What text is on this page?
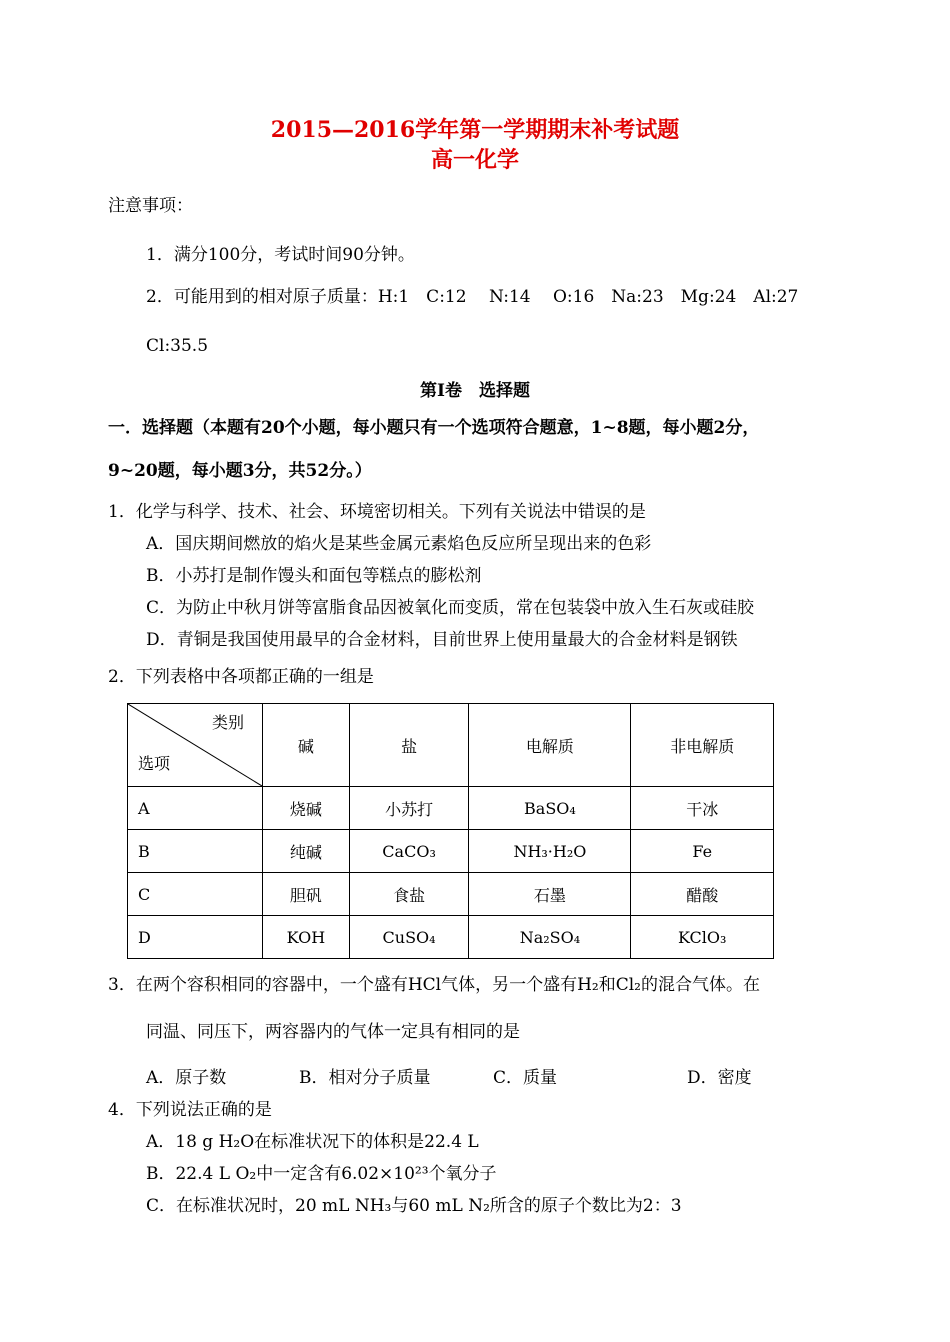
2015—2016学年第一学期期末补考试题
高一化学
注意事项：
1．满分100分，考试时间90分钟。
2．可能用到的相对原子质量：H:1　C:12　 N:14　 O:16　Na:23　Mg:24　Al:27
Cl:35.5
第Ⅰ卷　选择题
一．选择题（本题有20个小题，每小题只有一个选项符合题意，1~8题，每小题2分，
9~20题，每小题3分，共52分。）
1．化学与科学、技术、社会、环境密切相关。下列有关说法中错误的是
A．国庆期间燃放的焰火是某些金属元素焰色反应所呈现出来的色彩
B．小苏打是制作馒头和面包等糕点的膨松剂
C．为防止中秋月饼等富脂食品因被氧化而变质，常在包装袋中放入生石灰或硅胶
D．青铜是我国使用最早的合金材料，目前世界上使用量最大的合金材料是钢铁
2．下列表格中各项都正确的一组是
类别
选项	碱	盐	电解质	非电解质
A	烧碱	小苏打	BaSO₄	干冰
B	纯碱	CaCO₃	NH₃·H₂O	Fe
C	胆矾	食盐	石墨	醋酸
D	KOH	CuSO₄	Na₂SO₄	KClO₃
3．在两个容积相同的容器中，一个盛有HCl气体，另一个盛有H₂和Cl₂的混合气体。在
同温、同压下，两容器内的气体一定具有相同的是
A．原子数	B．相对分子质量	C．质量	D．密度
4．下列说法正确的是
A．18 g H₂O在标准状况下的体积是22.4 L
B．22.4 L O₂中一定含有6.02×10²³个氧分子
C．在标准状况时，20 mL NH₃与60 mL N₂所含的原子个数比为2：3
